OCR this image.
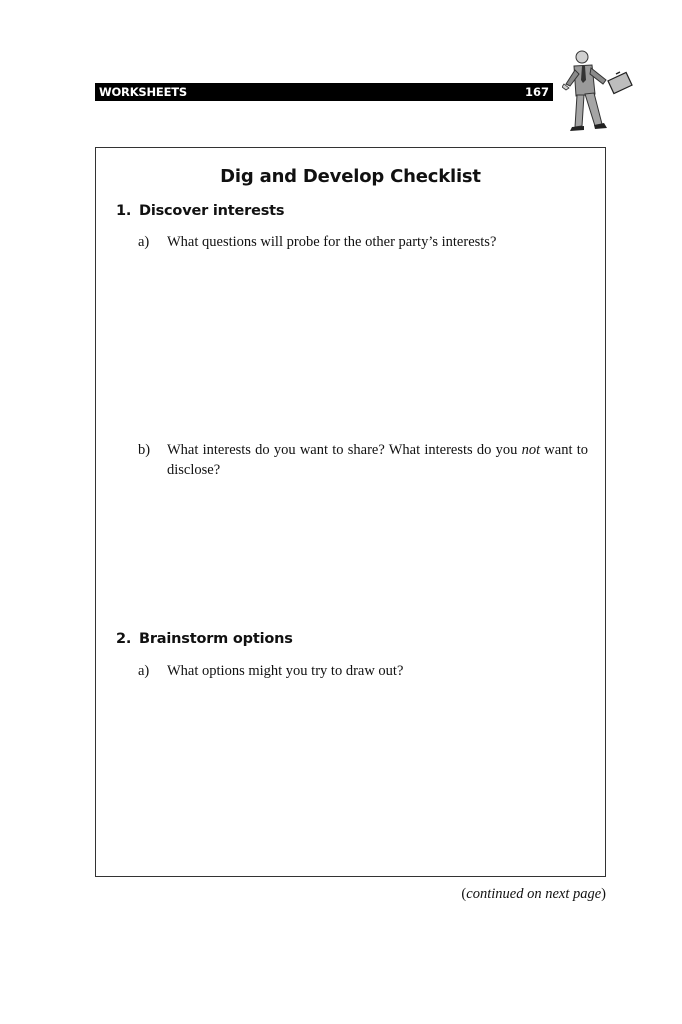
WORKSHEETS	167
Dig and Develop Checklist
1. Discover interests
a) What questions will probe for the other party’s interests?
b) What interests do you want to share? What interests do you not want to disclose?
2. Brainstorm options
a) What options might you try to draw out?
(continued on next page)
